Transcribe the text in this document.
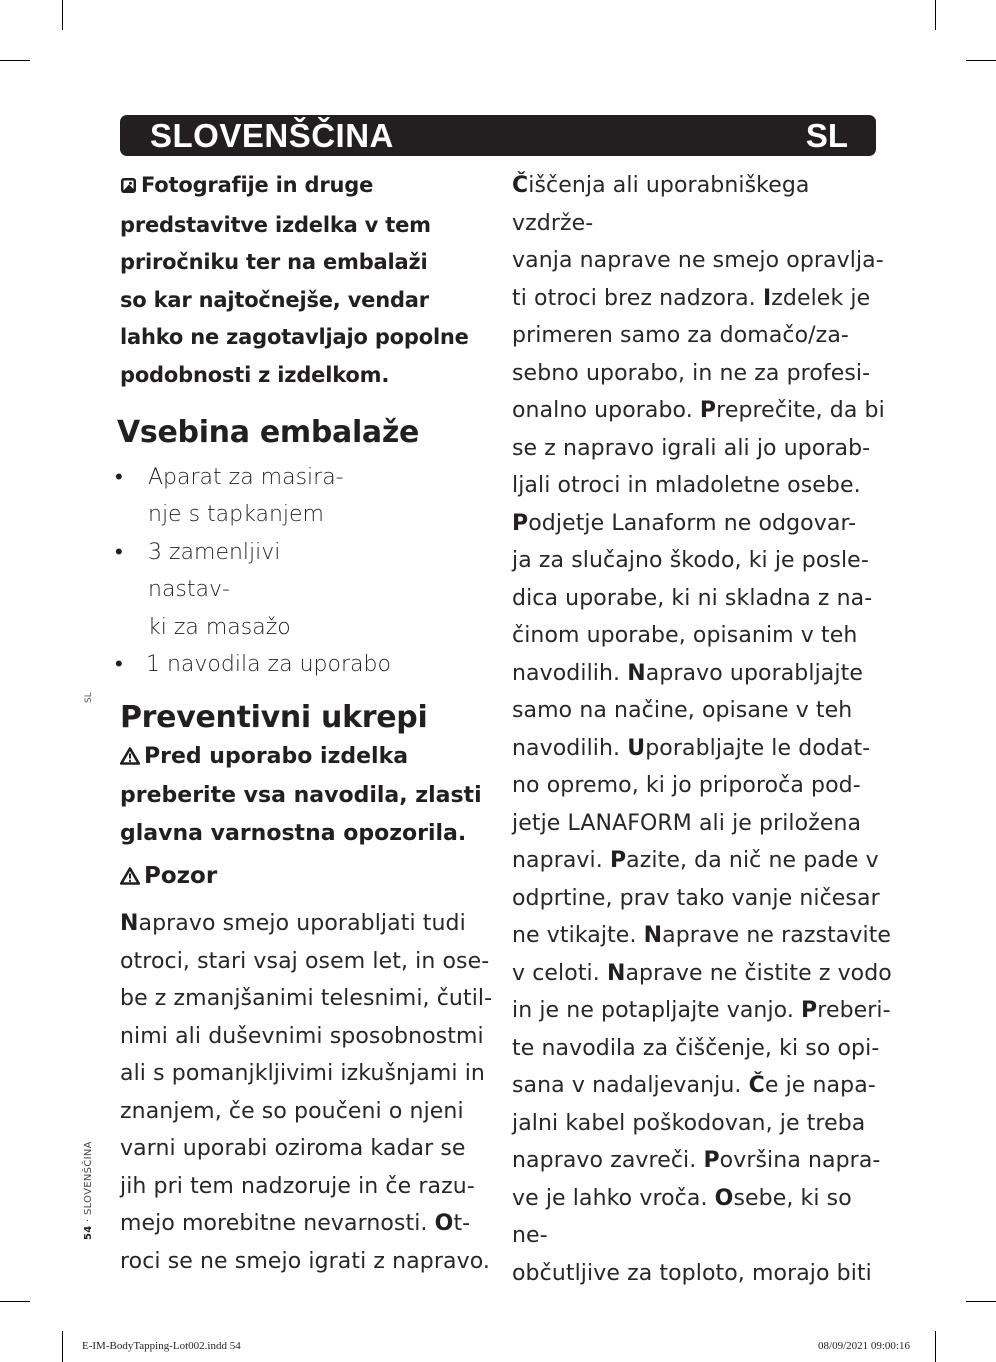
SLOVENŠČINA	SL
SL
54 · SLOVENŠČINA

Fotografije in druge

predstavitve izdelka v tem

priročniku ter na embalaži

so kar najtočnejše, vendar

lahko ne zagotavljajo popolne

podobnosti z izdelkom.

Vsebina embalaže
• Aparat za masira-
nje s tapkanjem
• 3 zamenljivi nastav-
ki za masažo
• 1 navodila za uporabo
Preventivni ukrepi

Pred uporabo izdelka

preberite vsa navodila, zlasti

glavna varnostna opozorila.

Pozor

Napravo smejo uporabljati tudi

otroci, stari vsaj osem let, in ose-

be z zmanjšanimi telesnimi, čutil-

nimi ali duševnimi sposobnostmi

ali s pomanjkljivimi izkušnjami in

znanjem, če so poučeni o njeni

varni uporabi oziroma kadar se

jih pri tem nadzoruje in če razu-

mejo morebitne nevarnosti. Ot-

roci se ne smejo igrati z napravo.

Čiščenja ali uporabniškega vzdrže-

vanja naprave ne smejo opravlja-

ti otroci brez nadzora. Izdelek je

primeren samo za domačo/za-

sebno uporabo, in ne za profesi-

onalno uporabo. Preprečite, da bi

se z napravo igrali ali jo uporab-

ljali otroci in mladoletne osebe.

Podjetje Lanaform ne odgovar-

ja za slučajno škodo, ki je posle-

dica uporabe, ki ni skladna z na-

činom uporabe, opisanim v teh

navodilih. Napravo uporabljajte

samo na načine, opisane v teh

navodilih. Uporabljajte le dodat-

no opremo, ki jo priporoča pod-

jetje LANAFORM ali je priložena

napravi. Pazite, da nič ne pade v

odprtine, prav tako vanje ničesar

ne vtikajte. Naprave ne razstavite

v celoti. Naprave ne čistite z vodo

in je ne potapljajte vanjo. Preberi-

te navodila za čiščenje, ki so opi-

sana v nadaljevanju. Če je napa-

jalni kabel poškodovan, je treba

napravo zavreči. Površina napra-

ve je lahko vroča. Osebe, ki so ne-

občutljive za toploto, morajo biti

E-IM-BodyTapping-Lot002.indd 54	08/09/2021 09:00:16
